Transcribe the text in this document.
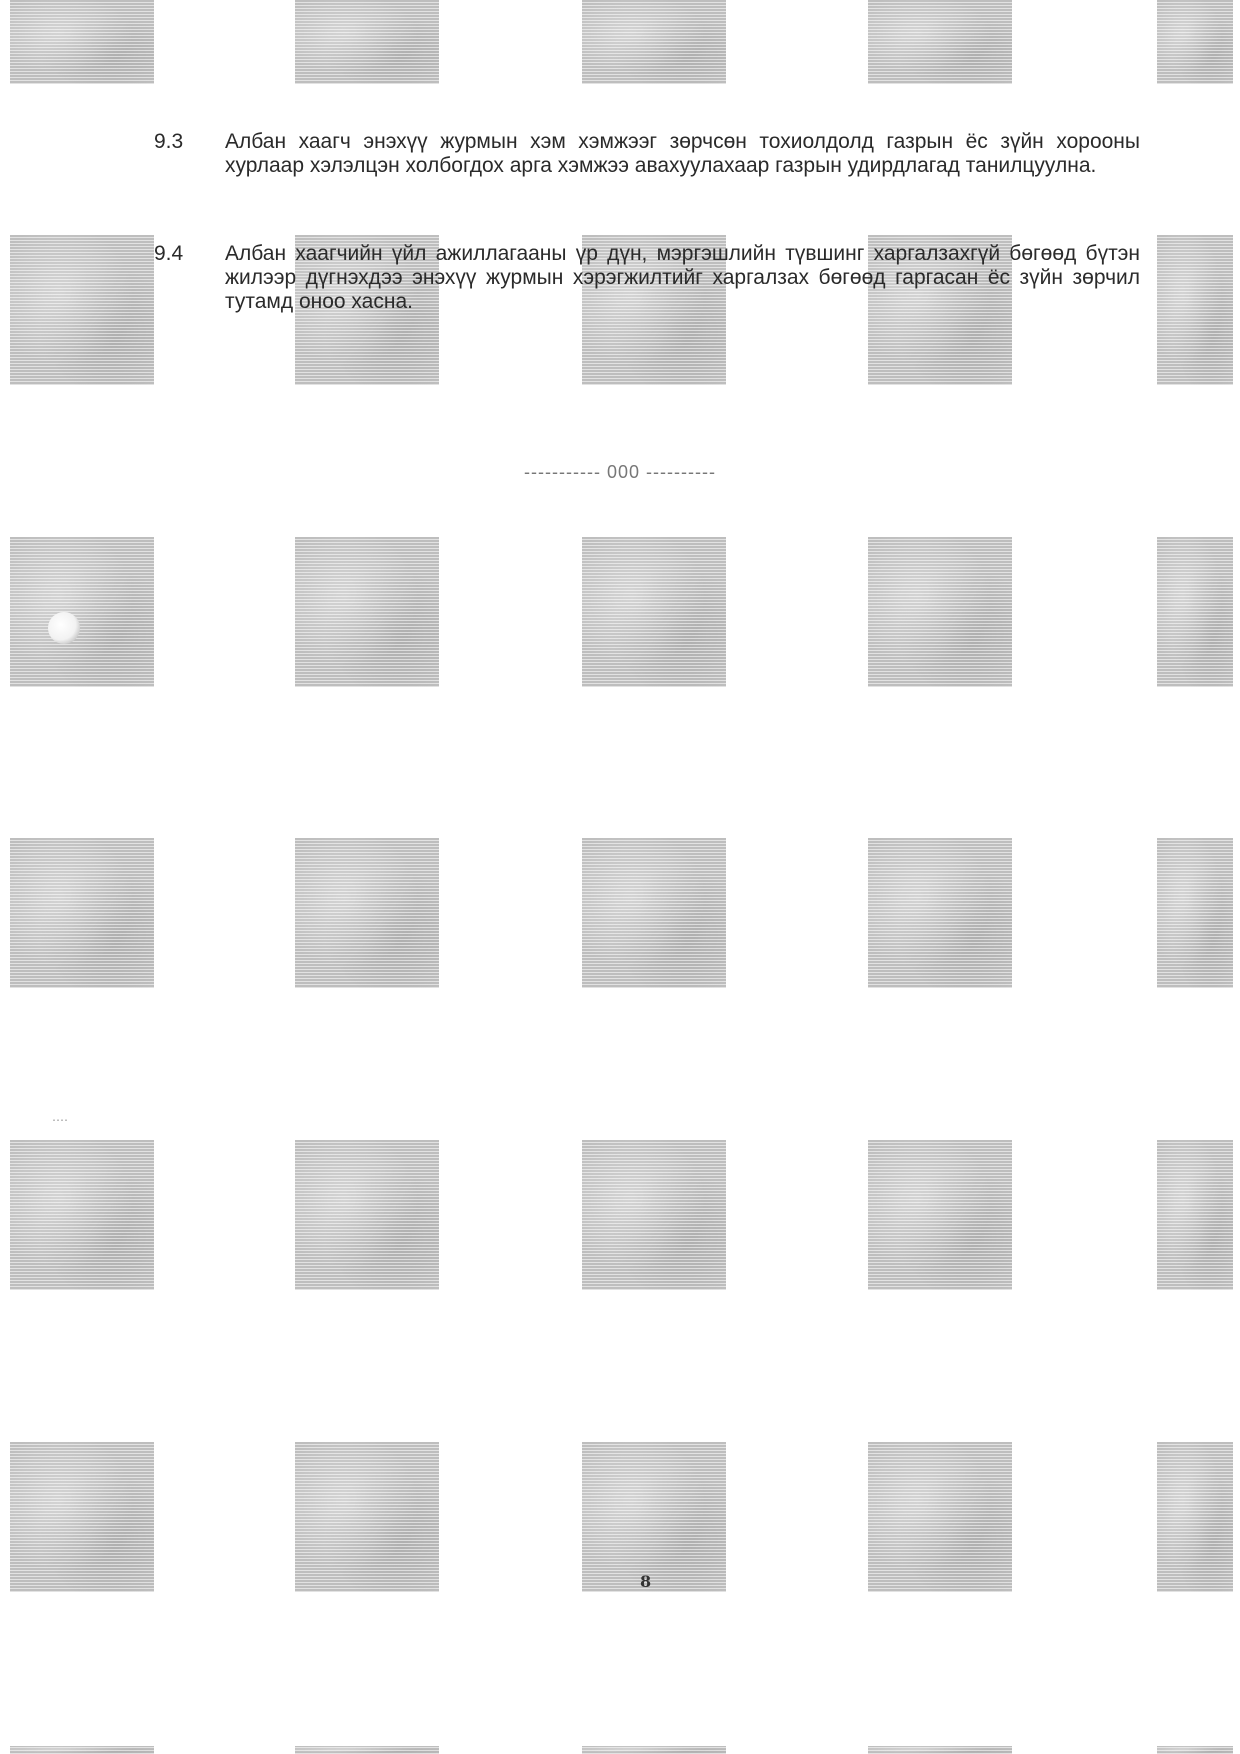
‥‥
9.3	Албан хаагч энэхүү журмын хэм хэмжээг зөрчсөн тохиолдолд газрын ёс зүйн хорооны хурлаар хэлэлцэн холбогдох арга хэмжээ авахуулахаар газрын удирдлагад танилцуулна.
9.4	Албан хаагчийн үйл ажиллагааны үр дүн, мэргэшлийн түвшинг харгалзахгүй бөгөөд бүтэн жилээр дүгнэхдээ энэхүү журмын хэрэгжилтийг харгалзах бөгөөд гаргасан ёс зүйн зөрчил тутамд оноо хасна.
----------- 000 ----------
8
